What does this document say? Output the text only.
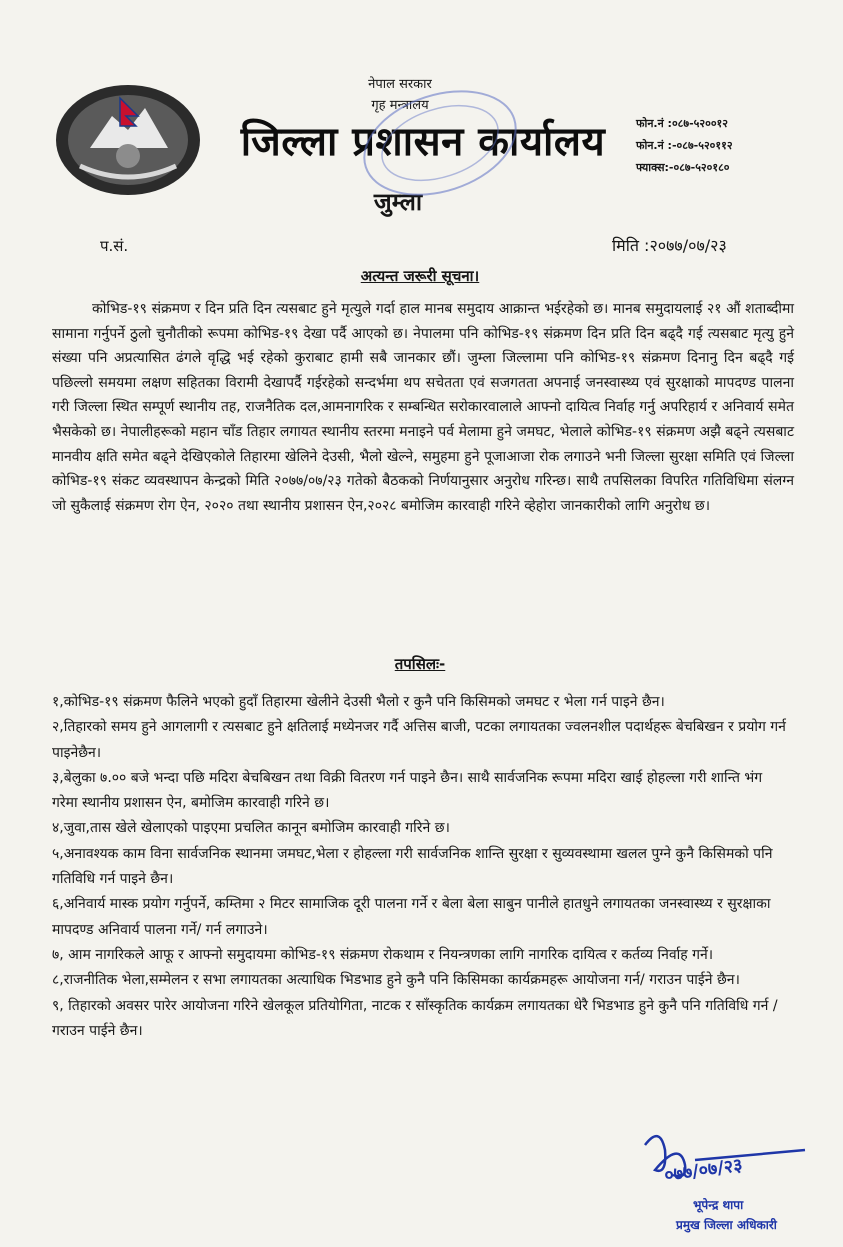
नेपाल सरकार
गृह मन्त्रालय
जिल्ला प्रशासन कार्यालय
जुम्ला
फोन.नं :०८७-५२००१२
फोन.नं :-०८७-५२०११२
फ्याक्स:-०८७-५२०१८०
प.सं.	मिति :२०७७/०७/२३
अत्यन्त जरूरी सूचना।

कोभिड-१९ संक्रमण र दिन प्रति दिन त्यसबाट हुने मृत्युले गर्दा हाल मानब समुदाय आक्रान्त भईरहेको छ। मानब समुदायलाई २१ औं शताब्दीमा सामाना गर्नुपर्ने ठुलो चुनौतीको रूपमा कोभिड-१९ देखा पर्दै आएको छ। नेपालमा पनि कोभिड-१९ संक्रमण दिन प्रति दिन बढ्दै गई त्यसबाट मृत्यु हुने संख्या पनि अप्रत्यासित ढंगले वृद्धि भई रहेको कुराबाट हामी सबै जानकार छौं। जुम्ला जिल्लामा पनि कोभिड-१९ संक्रमण दिनानु दिन बढ्दै गई पछिल्लो समयमा लक्षण सहितका विरामी देखापर्दै गईरहेको सन्दर्भमा थप सचेतता एवं सजगतता अपनाई जनस्वास्थ्य एवं सुरक्षाको मापदण्ड पालना गरी जिल्ला स्थित सम्पूर्ण स्थानीय तह, राजनैतिक दल,आमनागरिक र सम्बन्धित सरोकारवालाले आफ्नो दायित्व निर्वाह गर्नु अपरिहार्य र अनिवार्य समेत भैसकेको छ। नेपालीहरूको महान चाँड तिहार लगायत स्थानीय स्तरमा मनाइने पर्व मेलामा हुने जमघट, भेलाले कोभिड-१९ संक्रमण अझै बढ्ने त्यसबाट मानवीय क्षति समेत बढ्ने देखिएकोले तिहारमा खेलिने देउसी, भैलो खेल्ने, समुहमा हुने पूजाआजा रोक लगाउने भनी जिल्ला सुरक्षा समिति एवं जिल्ला कोभिड-१९ संकट व्यवस्थापन केन्द्रको मिति २०७७/०७/२३ गतेको बैठकको निर्णयानुसार अनुरोध गरिन्छ। साथै तपसिलका विपरित गतिविधिमा संलग्न जो सुकैलाई संक्रमण रोग ऐन, २०२० तथा स्थानीय प्रशासन ऐन,२०२८ बमोजिम कारवाही गरिने व्हेहोरा जानकारीको लागि अनुरोध छ।

तपसिलः-

१,कोभिड-१९ संक्रमण फैलिने भएको हुदाँ तिहारमा खेलीने देउसी भैलो र कुनै पनि किसिमको जमघट र भेला गर्न पाइने छैन।

२,तिहारको समय हुने आगलागी र त्यसबाट हुने क्षतिलाई मध्येनजर गर्दै अत्तिस बाजी, पटका लगायतका ज्वलनशील पदार्थहरू बेचबिखन र प्रयोग गर्न पाइनेछैन।

३,बेलुका ७.०० बजे भन्दा पछि मदिरा बेचबिखन तथा विक्री वितरण गर्न पाइने छैन। साथै सार्वजनिक रूपमा मदिरा खाई होहल्ला गरी शान्ति भंग गरेमा स्थानीय प्रशासन ऐन, बमोजिम कारवाही गरिने छ।

४,जुवा,तास खेले खेलाएको पाइएमा प्रचलित कानून बमोजिम कारवाही गरिने छ।

५,अनावश्यक काम विना सार्वजनिक स्थानमा जमघट,भेला र होहल्ला गरी सार्वजनिक शान्ति सुरक्षा र सुव्यवस्थामा खलल पुग्ने कुनै किसिमको पनि गतिविधि गर्न पाइने छैन।

६,अनिवार्य मास्क प्रयोग गर्नुपर्ने, कम्तिमा २ मिटर सामाजिक दूरी पालना गर्ने र बेला बेला साबुन पानीले हातधुने लगायतका जनस्वास्थ्य र सुरक्षाका मापदण्ड अनिवार्य पालना गर्ने/ गर्न लगाउने।

७, आम नागरिकले आफू र आफ्नो समुदायमा कोभिड-१९ संक्रमण रोकथाम र नियन्त्रणका लागि नागरिक दायित्व र कर्तव्य निर्वाह गर्ने।

८,राजनीतिक भेला,सम्मेलन र सभा लगायतका अत्याधिक भिडभाड हुने कुनै पनि किसिमका कार्यक्रमहरू आयोजना गर्न/ गराउन पाईने छैन।

९, तिहारको अवसर पारेर आयोजना गरिने खेलकूल प्रतियोगिता, नाटक र साँस्कृतिक कार्यक्रम लगायतका धेरै भिडभाड हुने कुनै पनि गतिविधि गर्न / गराउन पाईने छैन।

०७७/०७/२३
भूपेन्द्र थापा
प्रमुख जिल्ला अधिकारी
